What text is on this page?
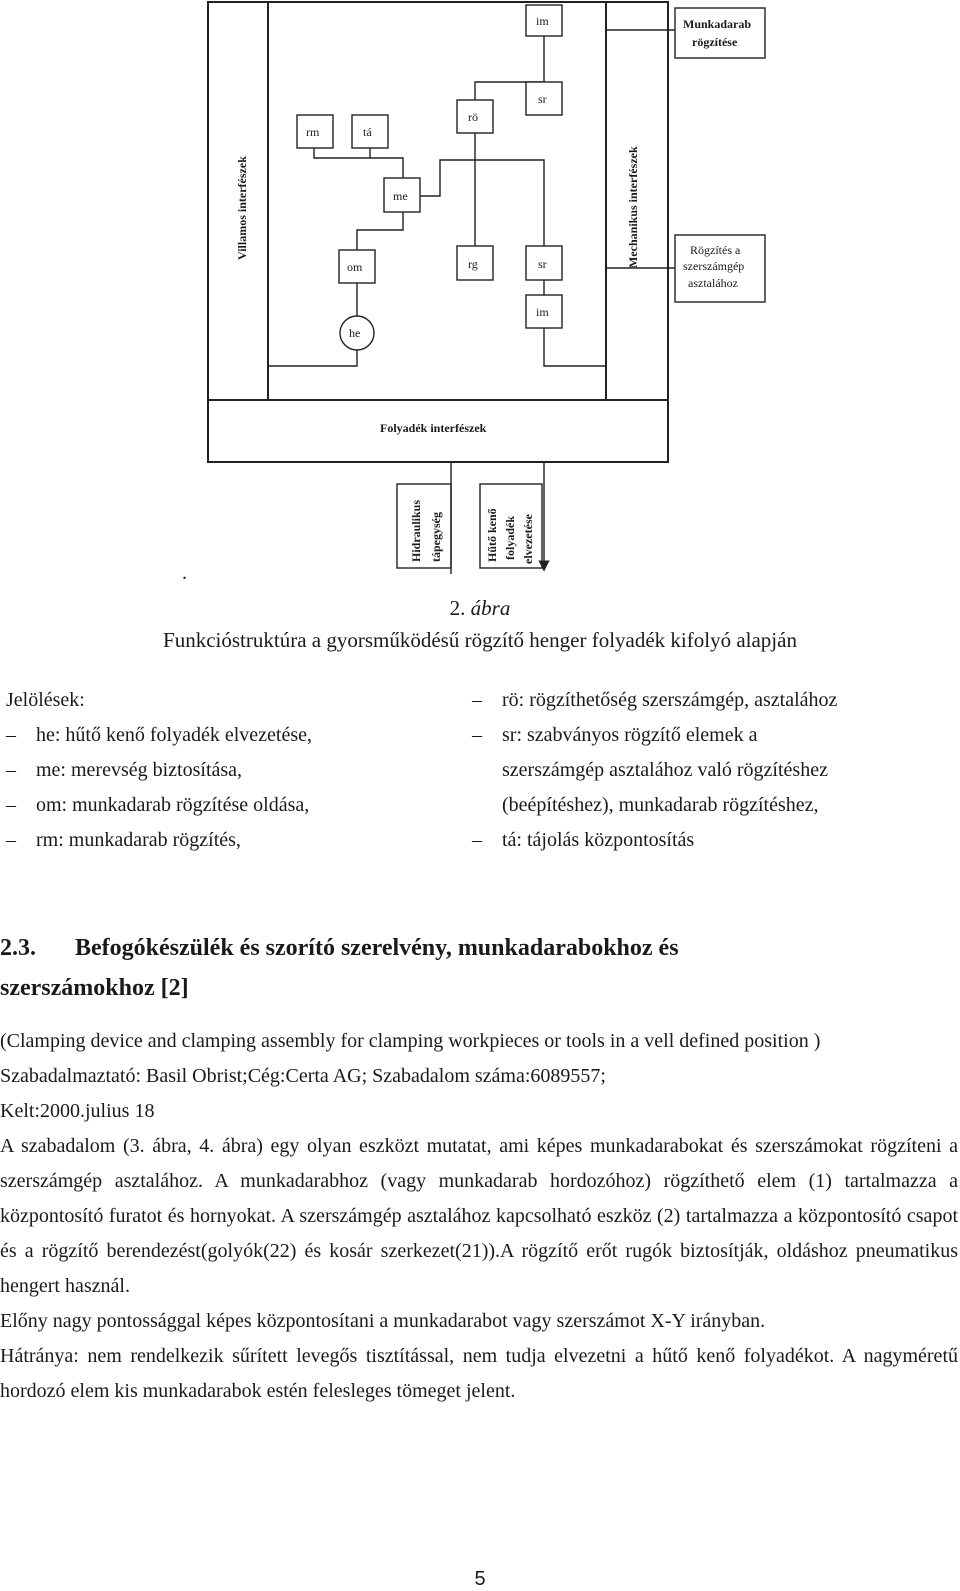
Villamos interfészek	Mechanikus interfészek
Folyadék interfészek
rm	tá
me
om
he
rö
rg
im
sr
sr
im
Munkadarab
rögzítése
Rögzítés a
szerszámgép
asztalához
Hidraulikus tápegység	Hűtő kenő folyadék elvezetése
.
2. ábra
Funkcióstruktúra a gyorsműködésű rögzítő henger folyadék kifolyó alapján
Jelölések:
– he: hűtő kenő folyadék elvezetése,
– me: merevség biztosítása,
– om: munkadarab rögzítése oldása,
– rm: munkadarab rögzítés,
– rö: rögzíthetőség szerszámgép, asztalához
– sr: szabványos rögzítő elemek a
szerszámgép asztalához való rögzítéshez
(beépítéshez), munkadarab rögzítéshez,
– tá: tájolás központosítás
2.3. Befogókészülék és szorító szerelvény, munkadarabokhoz és
szerszámokhoz [2]

(Clamping device and clamping assembly for clamping workpieces or tools in a vell defined position )

Szabadalmaztató: Basil Obrist;Cég:Certa AG; Szabadalom száma:6089557;

Kelt:2000.julius 18

A szabadalom (3. ábra, 4. ábra) egy olyan eszközt mutatat, ami képes munkadarabokat és szerszámokat rögzíteni a szerszámgép asztalához. A munkadarabhoz (vagy munkadarab hordozóhoz) rögzíthető elem (1) tartalmazza a központosító furatot és hornyokat. A szerszámgép asztalához kapcsolható eszköz (2) tartalmazza a központosító csapot és a rögzítő berendezést(golyók(22) és kosár szerkezet(21)).A rögzítő erőt rugók biztosítják, oldáshoz pneumatikus hengert használ.

Előny nagy pontossággal képes központosítani a munkadarabot vagy szerszámot X-Y irányban.

Hátránya: nem rendelkezik sűrített levegős tisztítással, nem tudja elvezetni a hűtő kenő folyadékot. A nagyméretű hordozó elem kis munkadarabok estén felesleges tömeget jelent.

5
